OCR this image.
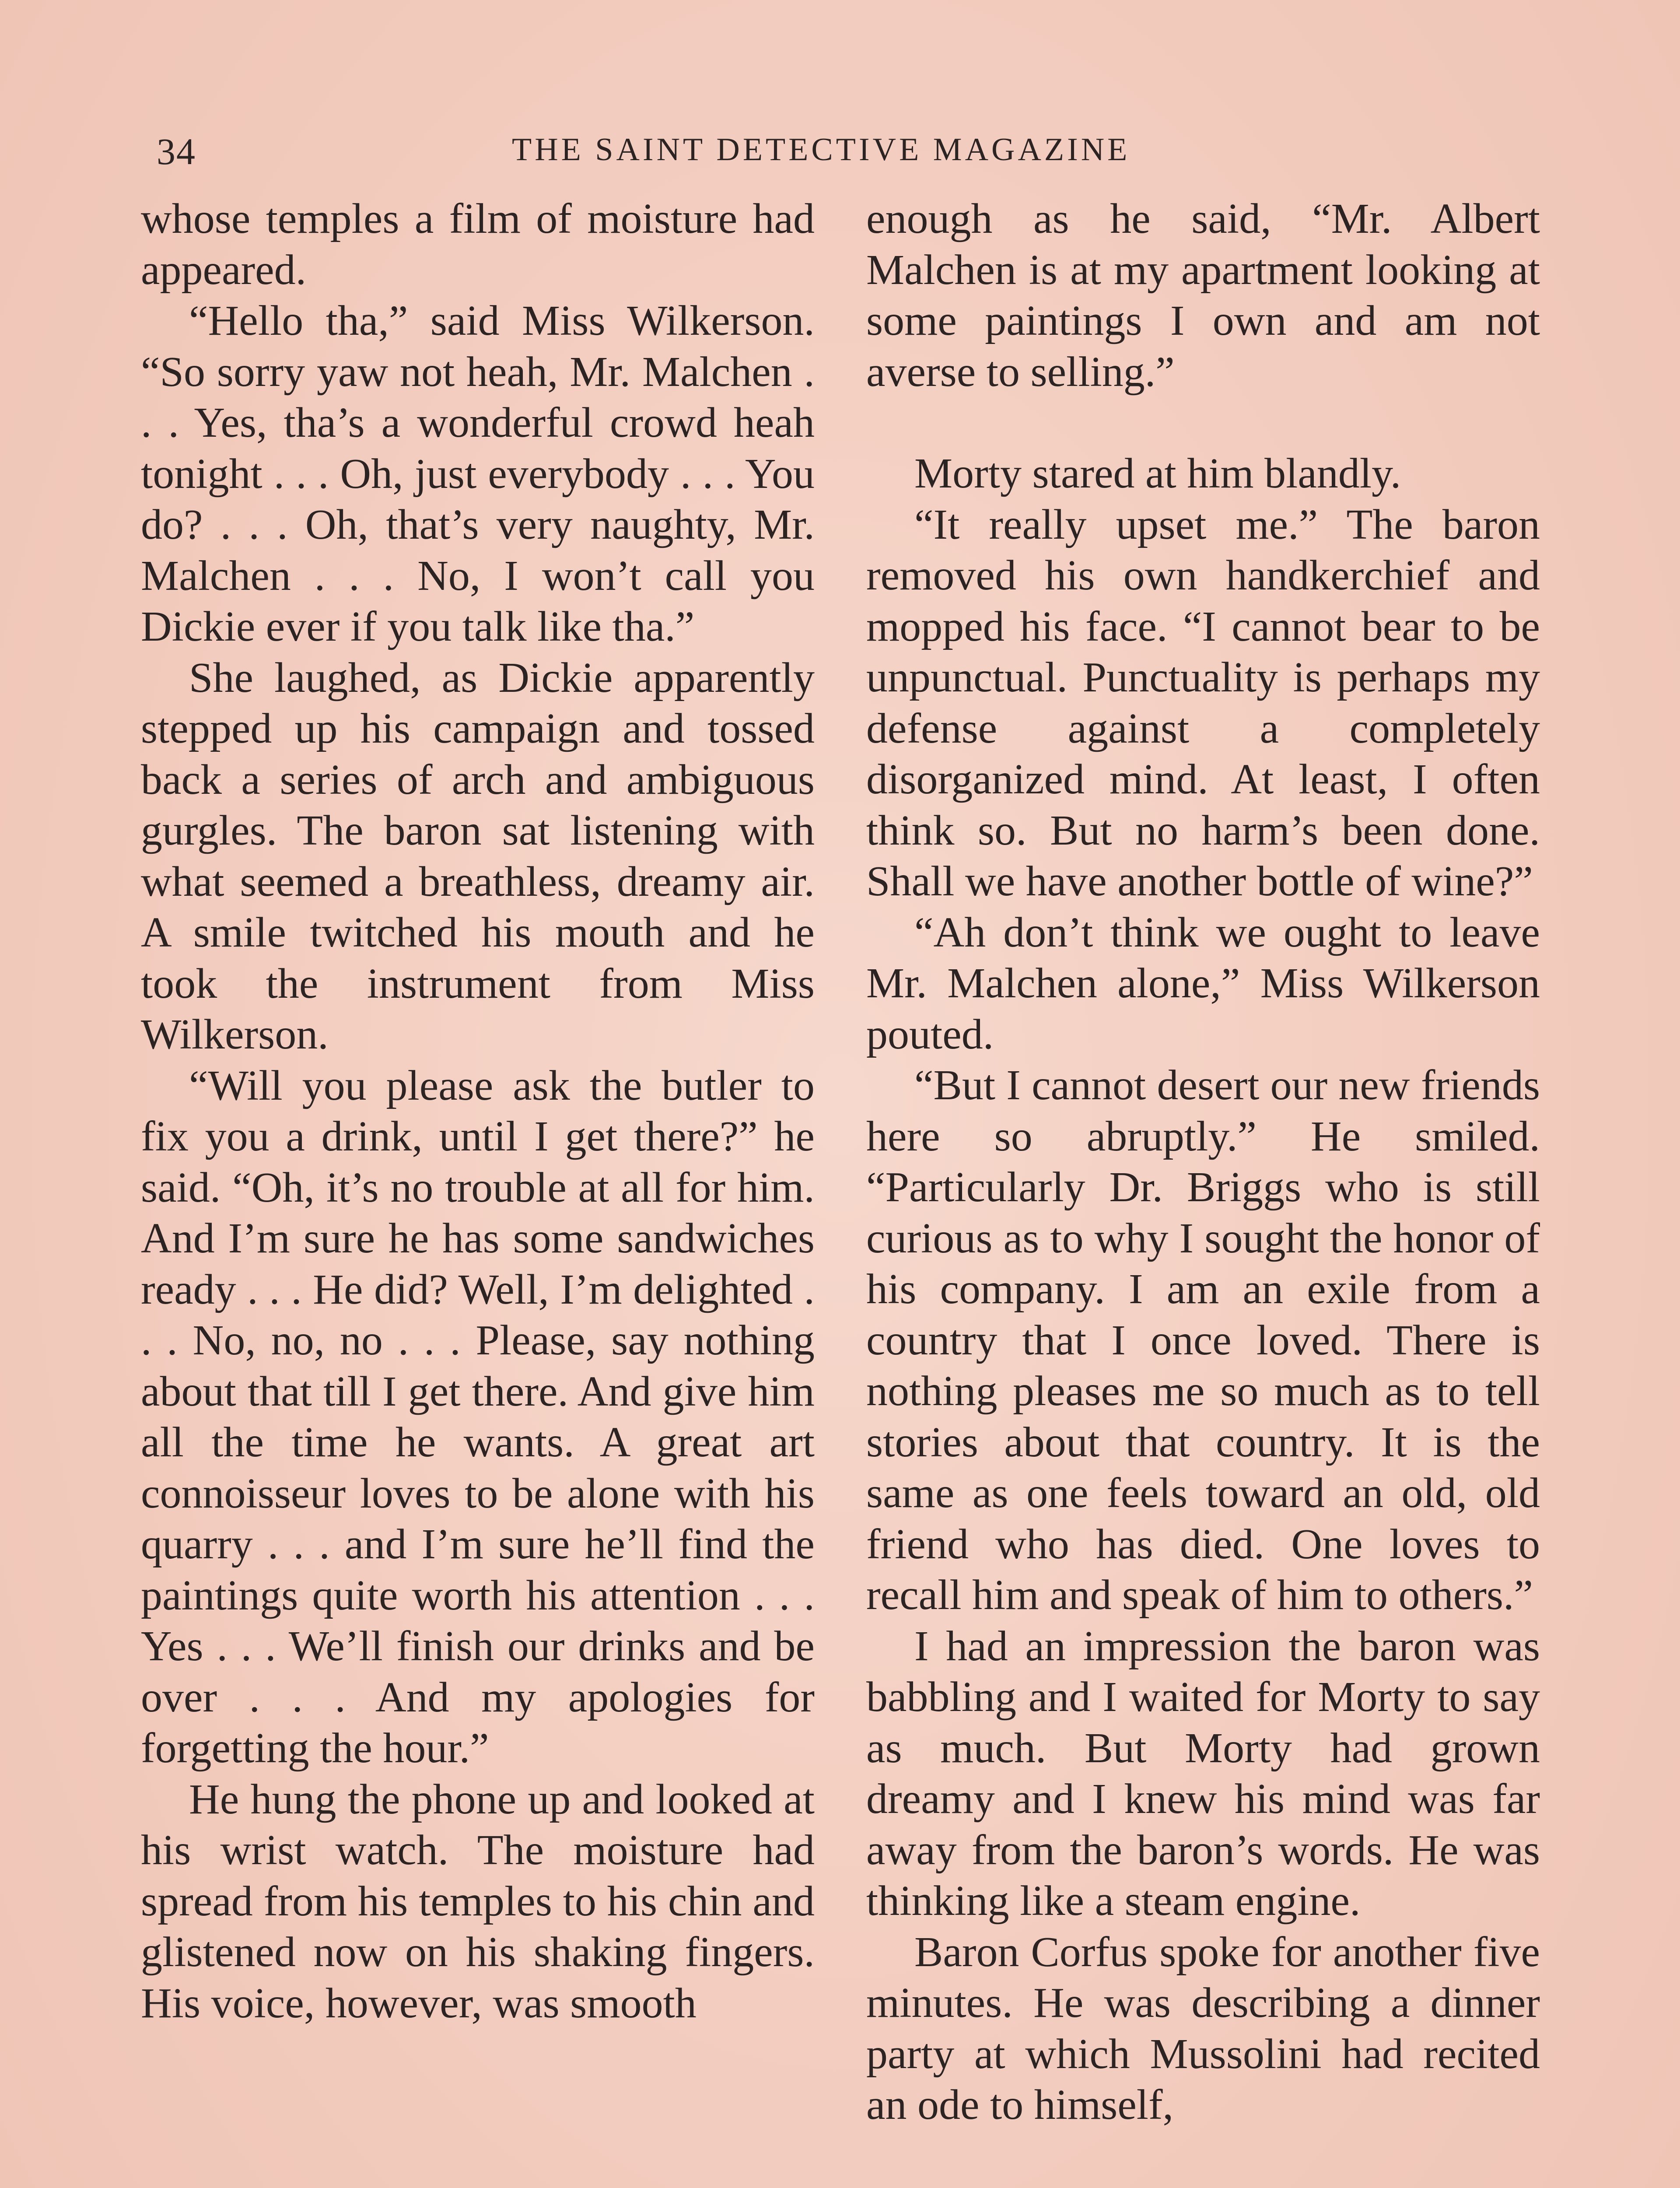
34	THE SAINT DETECTIVE MAGAZINE

whose temples a film of moisture had appeared.

“Hello tha,” said Miss Wilkerson. “So sorry yaw not heah, Mr. Malchen . . . Yes, tha’s a wonderful crowd heah tonight . . . Oh, just everybody . . . You do? . . . Oh, that’s very naughty, Mr. Malchen . . . No, I won’t call you Dickie ever if you talk like tha.”

She laughed, as Dickie apparently stepped up his campaign and tossed back a series of arch and ambiguous gurgles. The baron sat listening with what seemed a breathless, dreamy air. A smile twitched his mouth and he took the instrument from Miss Wilkerson.

“Will you please ask the butler to fix you a drink, until I get there?” he said. “Oh, it’s no trouble at all for him. And I’m sure he has some sandwiches ready . . . He did? Well, I’m delighted . . . No, no, no . . . Please, say nothing about that till I get there. And give him all the time he wants. A great art connoisseur loves to be alone with his quarry . . . and I’m sure he’ll find the paintings quite worth his attention . . . Yes . . . We’ll finish our drinks and be over . . . And my apologies for forgetting the hour.”

He hung the phone up and looked at his wrist watch. The moisture had spread from his temples to his chin and glistened now on his shaking fingers. His voice, however, was smooth

enough as he said, “Mr. Albert Malchen is at my apartment looking at some paintings I own and am not averse to selling.”

Morty stared at him blandly.

“It really upset me.” The baron removed his own handkerchief and mopped his face. “I cannot bear to be unpunctual. Punctuality is perhaps my defense against a completely disorganized mind. At least, I often think so. But no harm’s been done. Shall we have another bottle of wine?”

“Ah don’t think we ought to leave Mr. Malchen alone,” Miss Wilkerson pouted.

“But I cannot desert our new friends here so abruptly.” He smiled. “Particularly Dr. Briggs who is still curious as to why I sought the honor of his company. I am an exile from a country that I once loved. There is nothing pleases me so much as to tell stories about that country. It is the same as one feels toward an old, old friend who has died. One loves to recall him and speak of him to others.”

I had an impression the baron was babbling and I waited for Morty to say as much. But Morty had grown dreamy and I knew his mind was far away from the baron’s words. He was thinking like a steam engine.

Baron Corfus spoke for another five minutes. He was describing a dinner party at which Mussolini had recited an ode to himself,
